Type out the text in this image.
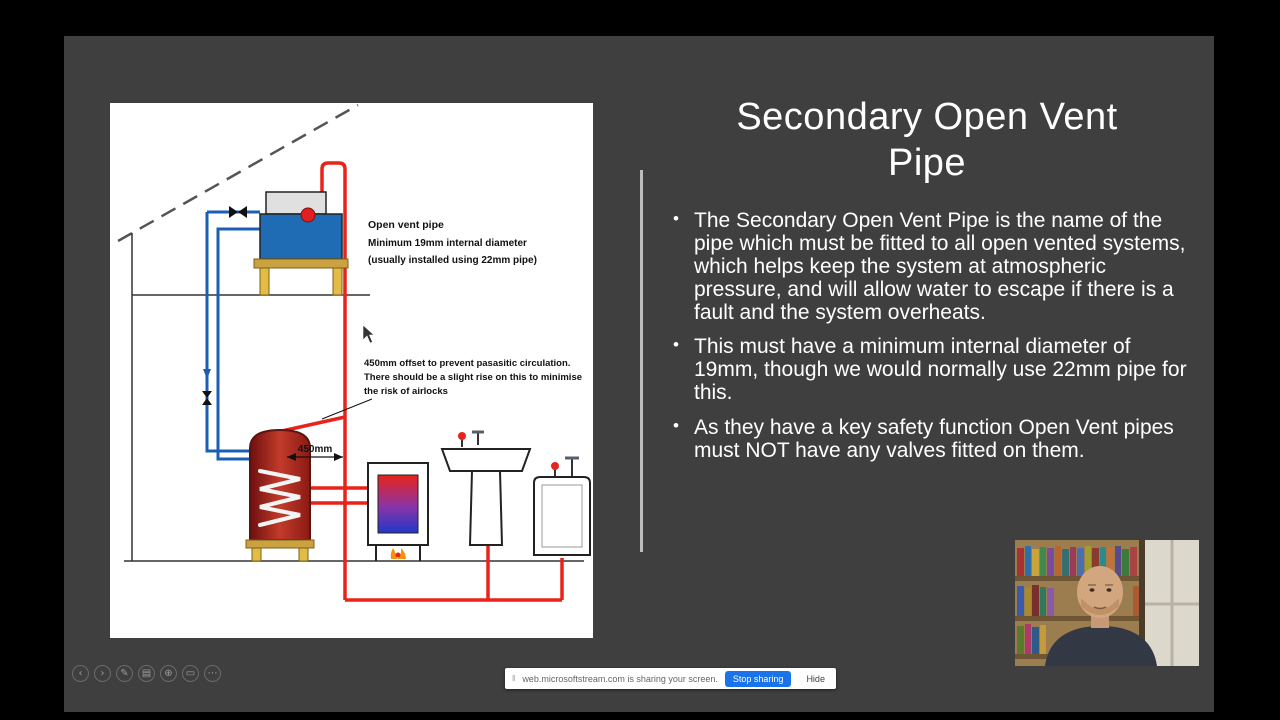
Open vent pipe
Minimum 19mm internal diameter
(usually installed using 22mm pipe)
450mm offset to prevent pasasitic circulation.
There should be a slight rise on this to minimise
the risk of airlocks
450mm
Secondary Open Vent Pipe
• The Secondary Open Vent Pipe is the name of the pipe which must be fitted to all open vented systems, which helps keep the system at atmospheric pressure, and will allow water to escape if there is a fault and the system overheats.
• This must have a minimum internal diameter of 19mm, though we would normally use 22mm pipe for this.
• As they have a key safety function Open Vent pipes must NOT have any valves fitted on them.
‹	›	✎	▤	⊕	▭	⋯	‖ web.microsoftstream.com is sharing your screen.	Stop sharing	Hide
